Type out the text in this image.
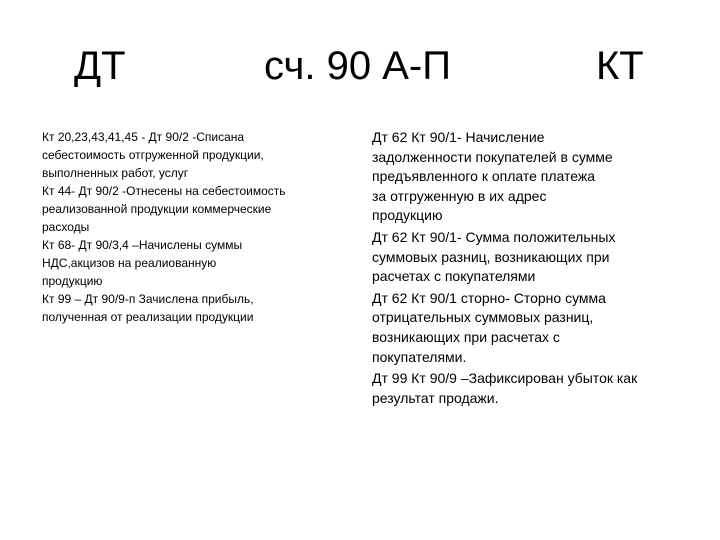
ДТ	сч. 90 А-П	КТ
Кт 20,23,43,41,45 - Дт 90/2 -Списана
себестоимость отгруженной продукции,
выполненных работ, услуг
Кт 44- Дт 90/2 -Отнесены на себестоимость
реализованной продукции коммерческие
расходы
Кт 68- Дт 90/3,4 –Начислены суммы
НДС,акцизов на реалиованную
продукцию
Кт 99 – Дт 90/9-п Зачислена прибыль,
полученная от реализации продукции
Дт 62 Кт 90/1- Начисление
задолженности покупателей в сумме
предъявленного к оплате платежа
за отгруженную в их адрес
продукцию
Дт 62 Кт 90/1- Сумма положительных
суммовых разниц, возникающих при
расчетах с покупателями
Дт 62 Кт 90/1 сторно- Сторно сумма
отрицательных суммовых разниц,
возникающих при расчетах с
покупателями.
Дт 99 Кт 90/9 –Зафиксирован убыток как
результат продажи.
